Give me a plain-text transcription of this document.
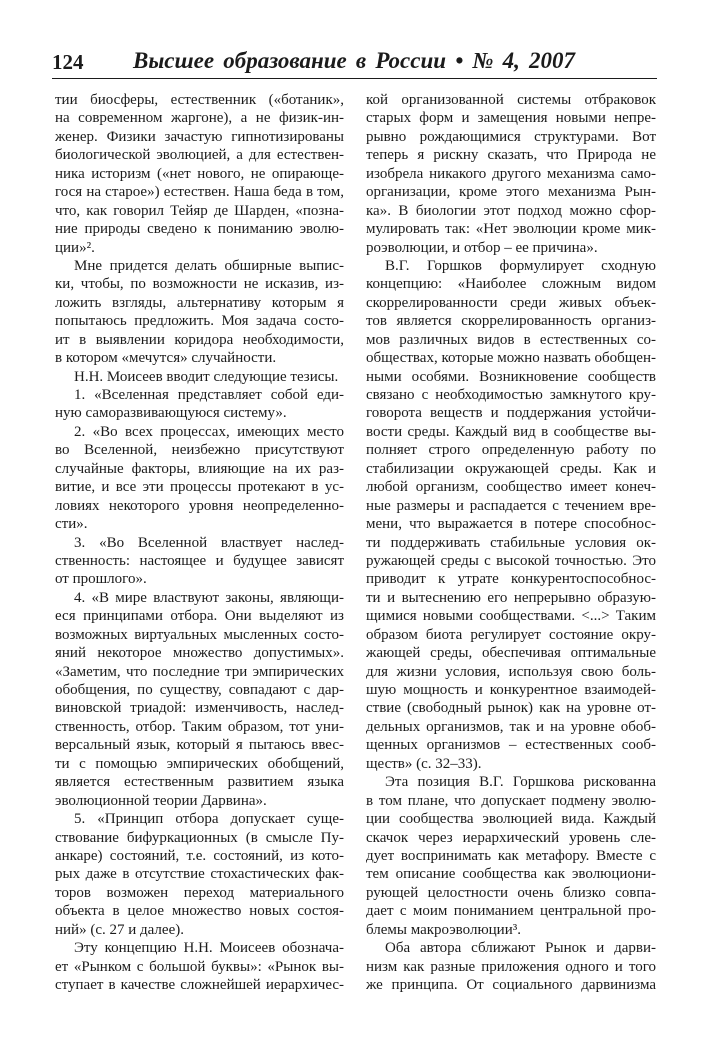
124 Высшее образование в России • № 4, 2007
тии биосферы, естественник («ботаник»,
на современном жаргоне), а не физик-ин-
женер. Физики зачастую гипнотизированы
биологической эволюцией, а для естествен-
ника историзм («нет нового, не опирающе-
гося на старое») естествен. Наша беда в том,
что, как говорил Тейяр де Шарден, «позна-
ние природы сведено к пониманию эволю-
ции»².
Мне придется делать обширные выпис-
ки, чтобы, по возможности не исказив, из-
ложить взгляды, альтернативу которым я
попытаюсь предложить. Моя задача состо-
ит в выявлении коридора необходимости,
в котором «мечутся» случайности.
Н.Н. Моисеев вводит следующие тезисы.
1. «Вселенная представляет собой еди-
ную саморазвивающуюся систему».
2. «Во всех процессах, имеющих место
во Вселенной, неизбежно присутствуют
случайные факторы, влияющие на их раз-
витие, и все эти процессы протекают в ус-
ловиях некоторого уровня неопределенно-
сти».
3. «Во Вселенной властвует наслед-
ственность: настоящее и будущее зависят
от прошлого».
4. «В мире властвуют законы, являющи-
еся принципами отбора. Они выделяют из
возможных виртуальных мысленных состо-
яний некоторое множество допустимых».
«Заметим, что последние три эмпирических
обобщения, по существу, совпадают с дар-
виновской триадой: изменчивость, наслед-
ственность, отбор. Таким образом, тот уни-
версальный язык, который я пытаюсь ввес-
ти с помощью эмпирических обобщений,
является естественным развитием языка
эволюционной теории Дарвина».
5. «Принцип отбора допускает суще-
ствование бифуркационных (в смысле Пу-
анкаре) состояний, т.е. состояний, из кото-
рых даже в отсутствие стохастических фак-
торов возможен переход материального
объекта в целое множество новых состоя-
ний» (с. 27 и далее).
Эту концепцию Н.Н. Моисеев обознача-
ет «Рынком с большой буквы»: «Рынок вы-
ступает в качестве сложнейшей иерархичес-
кой организованной системы отбраковок
старых форм и замещения новыми непре-
рывно рождающимися структурами. Вот
теперь я рискну сказать, что Природа не
изобрела никакого другого механизма само-
организации, кроме этого механизма Рын-
ка». В биологии этот подход можно сфор-
мулировать так: «Нет эволюции кроме мик-
роэволюции, и отбор – ее причина».
В.Г. Горшков формулирует сходную
концепцию: «Наиболее сложным видом
скоррелированности среди живых объек-
тов является скоррелированность организ-
мов различных видов в естественных со-
обществах, которые можно назвать обобщен-
ными особями. Возникновение сообществ
связано с необходимостью замкнутого кру-
говорота веществ и поддержания устойчи-
вости среды. Каждый вид в сообществе вы-
полняет строго определенную работу по
стабилизации окружающей среды. Как и
любой организм, сообщество имеет конеч-
ные размеры и распадается с течением вре-
мени, что выражается в потере способнос-
ти поддерживать стабильные условия ок-
ружающей среды с высокой точностью. Это
приводит к утрате конкурентоспособнос-
ти и вытеснению его непрерывно образую-
щимися новыми сообществами. <...> Таким
образом биота регулирует состояние окру-
жающей среды, обеспечивая оптимальные
для жизни условия, используя свою боль-
шую мощность и конкурентное взаимодей-
ствие (свободный рынок) как на уровне от-
дельных организмов, так и на уровне обоб-
щенных организмов – естественных сооб-
ществ» (с. 32–33).
Эта позиция В.Г. Горшкова рискованна
в том плане, что допускает подмену эволю-
ции сообщества эволюцией вида. Каждый
скачок через иерархический уровень сле-
дует воспринимать как метафору. Вместе с
тем описание сообщества как эволюциони-
рующей целостности очень близко совпа-
дает с моим пониманием центральной про-
блемы макроэволюции³.
Оба автора сближают Рынок и дарви-
низм как разные приложения одного и того
же принципа. От социального дарвинизма
